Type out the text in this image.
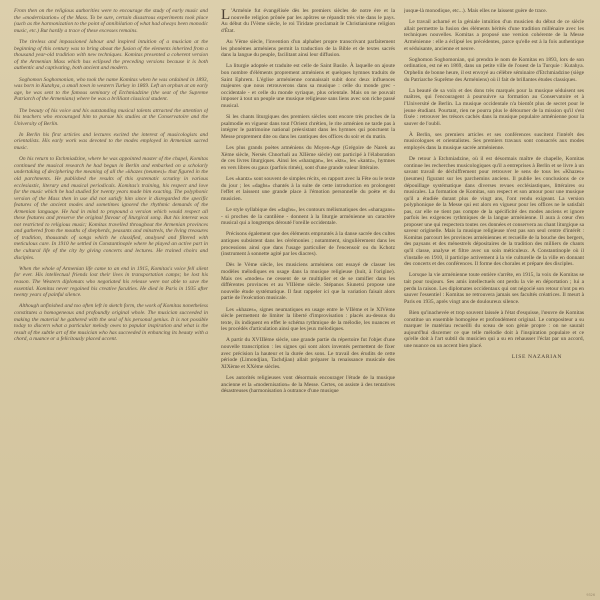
From then on the religious authorities were to encourage the study of early music and the «modernization» of the Mass. To be sure, certain disastrous experiments took place (such as the harmonization to the point of annihilation of what had always been monodic music, etc.) But hardly a trace of these excesses remains.

The tireless and impassioned labour and inspired intuition of a musician at the beginning of this century was to bring about the fusion of the elements inherited from a thousand year-old tradition with new techniques. Komitas presented a coherent version of the Armenian Mass which has eclipsed the preceding versions because it is both authentic and captivating, both ancient and modern.

Soghomon Soghomonian, who took the name Komitas when he was ordained in 1893, was born in Kutahya, a small town in western Turkey in 1869. Left an orphan at an early age, he was sent to the famous seminary of Etchmiadzine (the seat of the Supreme Patriarch of the Armenians) where he was a brilliant classical student.

The beauty of his voice and his outstanding musical talents attracted the attention of his teachers who encouraged him to pursue his studies at the Conservatoire and the University of Berlin.

In Berlin his first articles and lectures excited the interest of musicologists and orientalists. His early work was devoted to the modes employed in Armenian sacred music.

On his return to Etchmiadzine, where he was appointed master of the chapel, Komitas continued the musical research he had begun in Berlin and embarked on a scholarly undertaking of deciphering the meaning of all the «khazes (neumes)» that figured in the old parchments. He published the results of this systematic scrutiny in various ecclesiastic, literary and musical periodicals. Komitas's training, his respect and love for the music which he had studied for twenty years made him exacting. The polyphonic version of the Mass then in use did not satisfy him since it disregarded the specific features of the ancient modes and sometimes ignored the rhythmic demands of the Armenian language. He had in mind to propound a version which would respect all these features and preserve the original flavour of liturgical song. But his interest was not restricted to religious music; Komitas travelled throughout the Armenian provinces and gathered from the mouths of shepherds, peasants and minstrels, the living treasures of tradition, thousands of songs which he classified, analysed and filtered with meticulous care. In 1910 he settled in Constantinople where he played an active part in the cultural life of the city by giving concerts and lectures. He trained choirs and disciples.

When the whole of Armenian life came to an end in 1915, Komitas's voice fell silent for ever. His intellectual friends lost their lives in transportation camps; he lost his reason. The Western diplomats who negotiated his release were not able to save the essential. Komitas never regained his creative faculties. He died in Paris in 1935 after twenty years of painful silence.

Although unfinished and too often left in sketch form, the work of Komitas nonetheless constitutes a homogeneous and profoundly original whole. The musician succeeded in making the material he gathered with the seal of his personal genius. It is not possible today to discern what a particular melody owes to popular inspiration and what is the result of the subtle art of the musician who has succeeded in enhancing its beauty with a chord, a nuance or a felicitously placed accent.

L 'Arménie fut évangélisée dès les premiers siècles de notre ère et la nouvelle religion prônée par les apôtres se répandit très vite dans le pays. Au début du IVème siècle, le roi Tiridate proclamait le Christianisme religion d'État.

Au Vème siècle, l'invention d'un alphabet propre transcrivant parfaitement les phonèmes arméniens permit la traduction de la Bible et de textes sacrés dans la langue du peuple, facilitant ainsi leur diffusion.

La liturgie adoptée et traduite est celle de Saint Basile. À laquelle on ajoute bon nombre d'éléments proprement arméniens et quelques hymnes traduits de Saint Ephrem. L'église arménienne connaissait subit donc deux influences majeures que nous retrouverons dans sa musique : celle du monde grec - occidentale - et celle du monde syriaque, plus orientale. Mais on ne pouvait imposer à tout un peuple une musique religieuse sans liens avec son riche passé musical.

Si les chants liturgiques des premiers siècles sont encore très proches de la psalmodie en vigueur dans tout l'Orient chrétien, le rite arménien ne tarde pas à intégrer le patrimoine national préexistant dans les hymnes qui ponctuent la Messe proprement dite ou dans les cantiques des offices du soir et du matin.

Les plus grands poètes arméniens du Moyen-Age (Grégoire de Narek au Xème siècle, Nersès Chnorhali au XIIème siècle) ont participé à l'élaboration de ces livres liturgiques. Ainsi les «sharagan», les «kts», les «kantz», hymnes en vers libres ou gaux (parfois rimés), sont d'une grande valeur littéraire.

Les «kantz» sont souvent de simples récits, en rapport avec la Fête ou le texte du jour ; les «daghs» chantés à la suite de cette introduction en prolongent l'effet et laissent une grande place à l'émotion personnelle du poète et du musicien.

Le style syllabique des «daghs», les contours mélismatiques des «sharagans» - si proches de la cantilène - donnent à la liturgie arménienne un caractère musical qui a longtemps dérouté l'oreille occidentale.

Précisons également que des éléments empruntés à la danse sacrée des cultes antiques subsistent dans les cérémonies ; notamment, singulièrement dans les processions ainsi que dans l'usage particulier de l'encensoir ou du Kchotz (instrument à sonnette agité par les diacres).

Dès le Vème siècle, les musiciens arméniens ont essayé de classer les modèles mélodiques en usage dans la musique religieuse (huit, à l'origine). Mais ces «modes» ne cessent de se multiplier et de se ramifier dans les différentes provinces et au VIIIème siècle. Stépanos Siunetsi propose une nouvelle étude systématique. Il faut rappeler ici que la variation faisait alors partie de l'exécution musicale.

Les «khazes», signes neumatiques en usage entre le VIIème et le XIVème siècle permettent de limiter la liberté d'improvisation : placés au-dessus du texte, ils indiquent en effet le schéma rythmique de la mélodie, les nuances et les procédés d'articulation ainsi que les jeux mélodiques.

A partir du XVIIIème siècle, une grande partie du répertoire fut l'objet d'une nouvelle transcription : les signes qui sont alors inventés permettent de fixer avec précision la hauteur et la durée des sons. Le travail des érudits de cette période (Limondjian, Tachdjian) allait préparer la renaissance musicale des XIXème et XXème siècles.

Les autorités religieuses vont désormais encourager l'étude de la musique ancienne et la «modernisation» de la Messe. Certes, on assiste à des tentatives désastreuses (harmonisation à outrance d'une musique

jusque-là monodique, etc...). Mais elles ne laissent guère de trace.

Le travail acharné et la géniale intuition d'un musicien du début de ce siècle allait permettre la fusion des éléments hérités d'une tradition millénaire avec les techniques nouvelles. Komitas a proposé une version cohérente de la Messe Arménienne : elle a éclipsé les précédentes, parce qu'elle est à la fois authentique et séduisante, ancienne et neuve.

Soghomon Soghomonian, qui prendra le nom de Komitas en 1893, lors de son ordination, est né en 1869, dans un petite ville de l'ouest de la Turquie : Kutahya. Orphelin de bonne heure, il est envoyé au célèbre séminaire d'Etchmiadzine (siège du Patriarche Suprême des Arméniens) où il fait de brillantes études classiques.

La beauté de sa voix et des dons très marqués pour la musique séduisent ses maîtres, qui l'encouragent à poursuivre sa formation au Conservatoire et à l'Université de Berlin. La musique occidentale n'a bientôt plus de secret pour le jeune étudiant. Pourtant, rien ne pourra plus le détourner de la mission qu'il s'est fixée : retrouver les trésors cachés dans la musique populaire arménienne pour la sauver de l'oubli.

À Berlin, ses premiers articles et ses conférences suscitent l'intérêt des musicologues et orientalistes. Ses premiers travaux sont consacrés aux modes employés dans la musique sacrée arménienne.

De retour à Etchmiadzine, où il est désormais maître de chapelle, Komitas continue les recherches musicologiques qu'il a entreprises à Berlin et se livre à un savant travail de déchiffrement pour retrouver le sens de tous les «Khazes» (neumes) figurant sur les parchemins anciens. Il publie les conclusions de ce dépouillage systématique dans diverses revues ecclésiastiques, littéraires ou musicales. La formation de Komitas, son respect et son amour pour une musique qu'il a étudiée durant plus de vingt ans, l'ont rendu exigeant. La version polyphonique de la Messe qui est alors en vigueur pour les offices ne le satisfait pas, car elle ne tient pas compte de la spécificité des modes anciens et ignore parfois les exigences rythmiques de la langue arménienne. Il aura à cœur d'en proposer une qui respectera toutes ces données et conservera au chant liturgique sa saveur originelle. Mais la musique religieuse n'est pas son seul centre d'intérêt : Komitas parcourt les provinces arméniennes et recueille de la bouche des bergers, des paysans et des ménestrels dépositaires de la tradition des milliers de chants qu'il classe, analyse et filtre avec un soin méticuleux. A Constantinople où il s'installe en 1910, il participe activement à la vie culturelle de la ville en donnant des concerts et des conférences. Il forme des chorales et prépare des disciples.

Lorsque la vie arménienne toute entière s'arrête, en 1915, la voix de Komitas se tait pour toujours. Ses amis intellectuels ont perdu la vie en déportation ; lui a perdu la raison. Les diplomates occidentaux qui ont négocié son retour n'ont pu en sauver l'essentiel : Komitas ne retrouvera jamais ses facultés créatrices. Il meurt à Paris en 1935, après vingt ans de douloureux silence.

Bien qu'inachevée et trop souvent laissée à l'état d'esquisse, l'œuvre de Komitas constitue un ensemble homogène et profondément original. Le compositeur a su marquer le matériau recueilli du sceau de son génie propre : on ne saurait aujourd'hui discerner ce que telle mélodie doit à l'inspiration populaire et ce qu'elle doit à l'art subtil du musicien qui a su en rehausser l'éclat par un accord, une nuance ou un accent bien placé.

LISE NAZARIAN

9326
